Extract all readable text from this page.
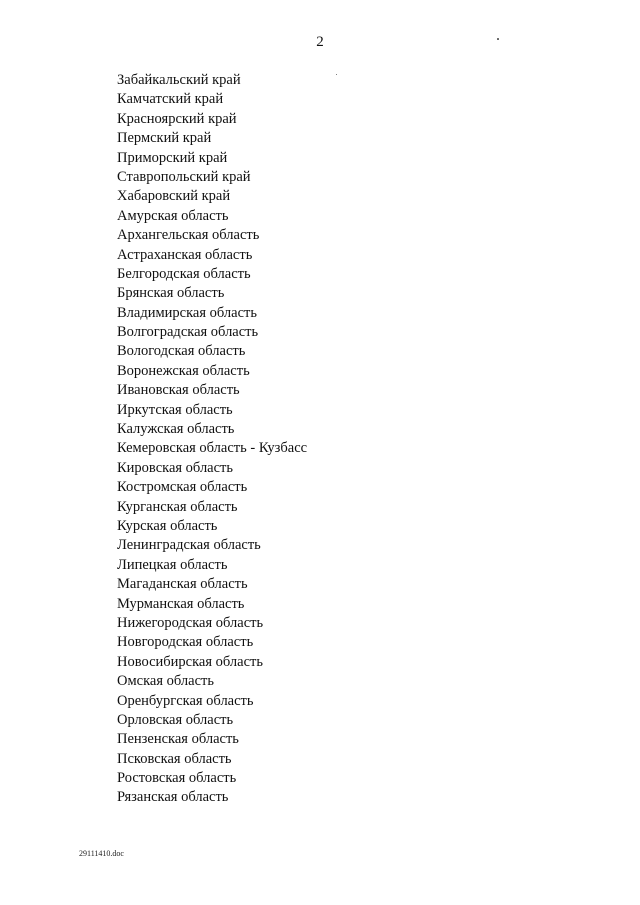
2
Забайкальский край
Камчатский край
Красноярский край
Пермский край
Приморский край
Ставропольский край
Хабаровский край
Амурская область
Архангельская область
Астраханская область
Белгородская область
Брянская область
Владимирская область
Волгоградская область
Вологодская область
Воронежская область
Ивановская область
Иркутская область
Калужская область
Кемеровская область - Кузбасс
Кировская область
Костромская область
Курганская область
Курская область
Ленинградская область
Липецкая область
Магаданская область
Мурманская область
Нижегородская область
Новгородская область
Новосибирская область
Омская область
Оренбургская область
Орловская область
Пензенская область
Псковская область
Ростовская область
Рязанская область
29111410.doc
